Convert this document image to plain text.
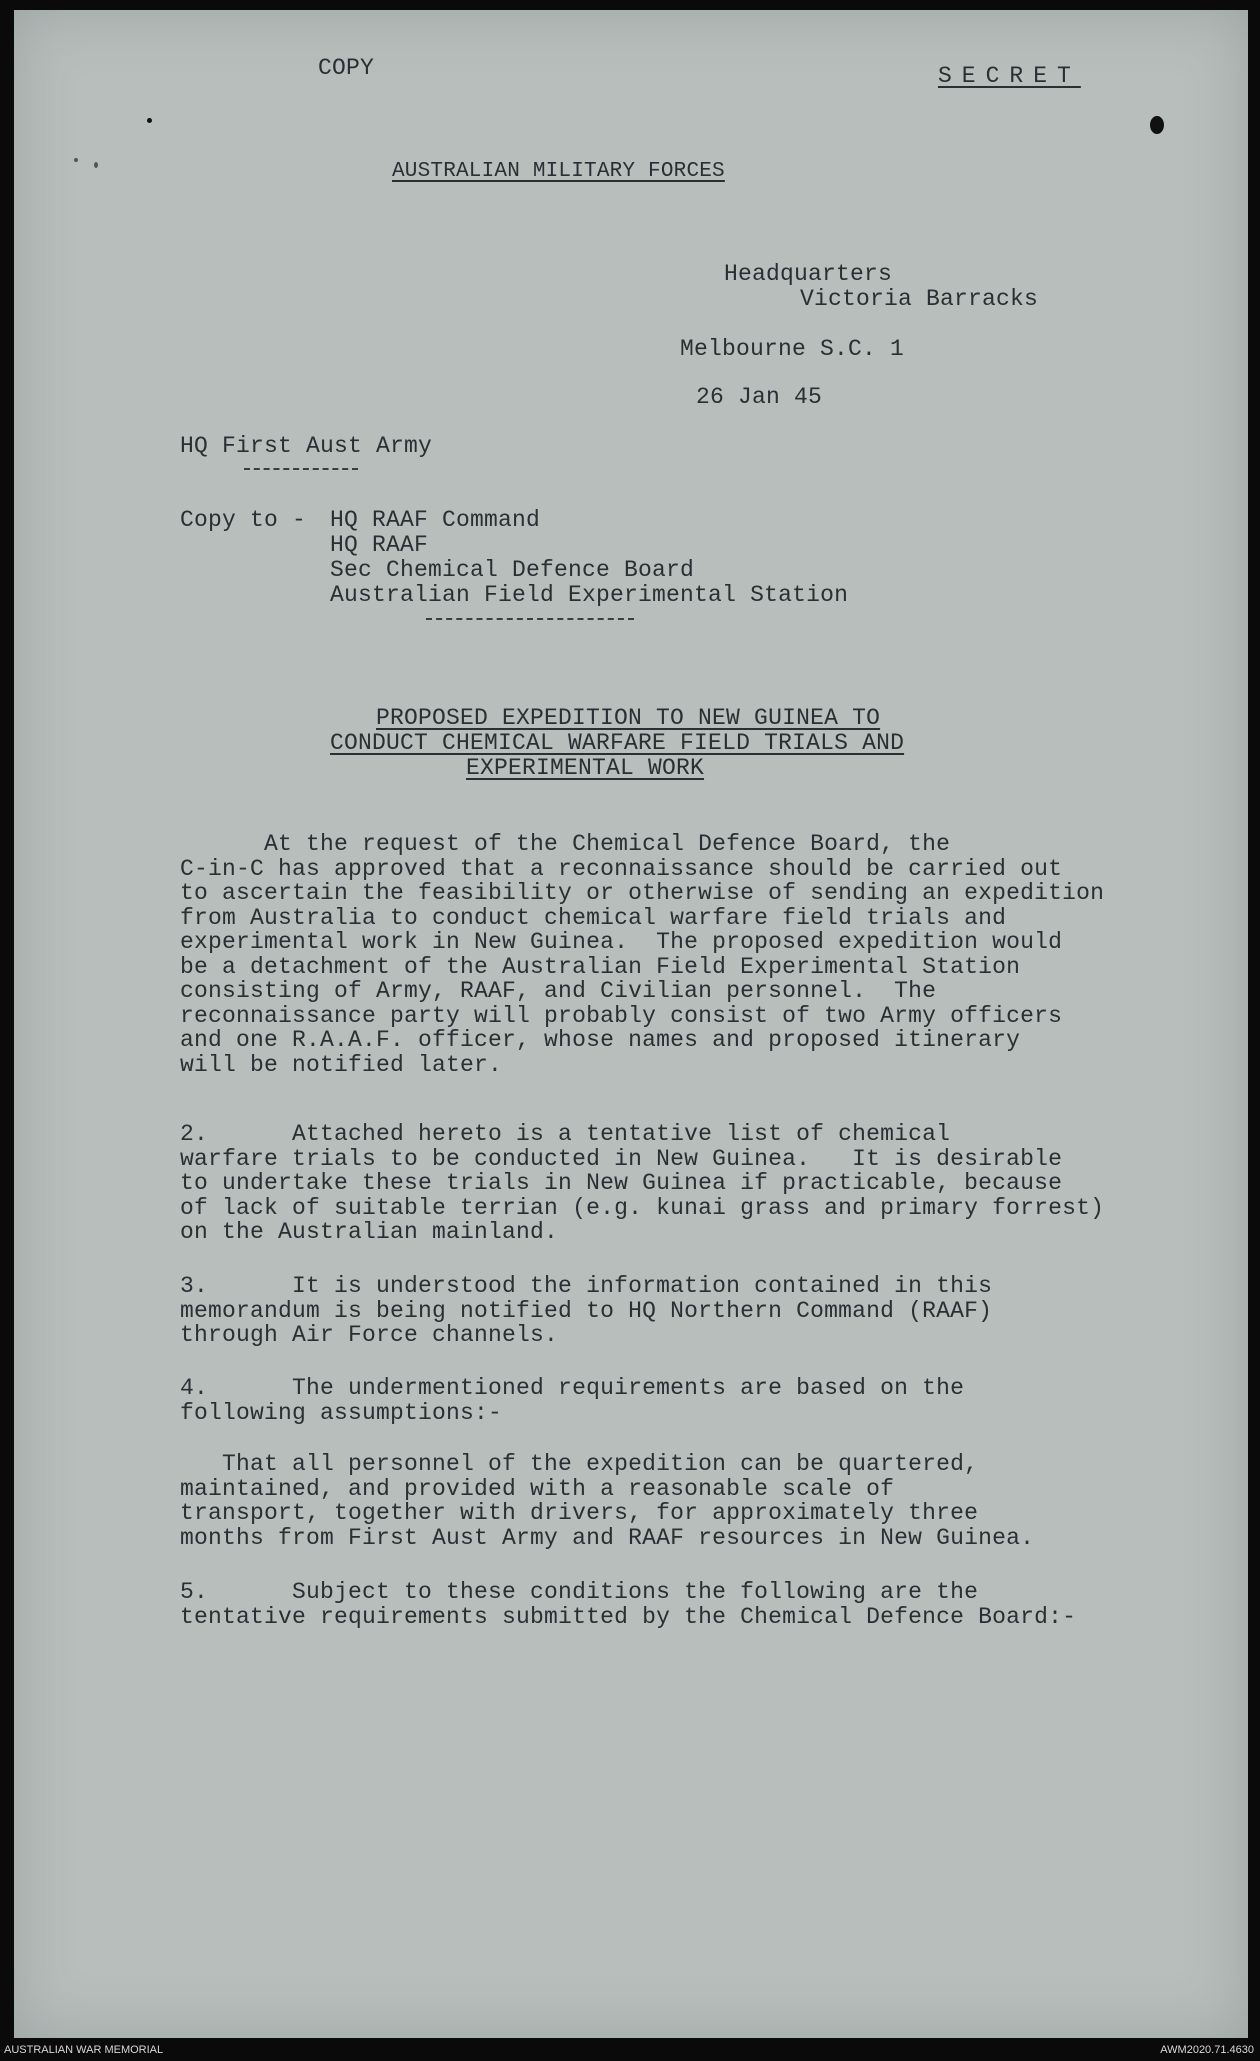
COPY	SECRET
AUSTRALIAN MILITARY FORCES
Headquarters
Victoria Barracks
Melbourne S.C. 1
26 Jan 45
HQ First Aust Army
Copy to - HQ RAAF Command
HQ RAAF
Sec Chemical Defence Board
Australian Field Experimental Station
PROPOSED EXPEDITION TO NEW GUINEA TO
CONDUCT CHEMICAL WARFARE FIELD TRIALS AND
EXPERIMENTAL WORK
At the request of the Chemical Defence Board, the
C-in-C has approved that a reconnaissance should be carried out
to ascertain the feasibility or otherwise of sending an expedition
from Australia to conduct chemical warfare field trials and
experimental work in New Guinea.  The proposed expedition would
be a detachment of the Australian Field Experimental Station
consisting of Army, RAAF, and Civilian personnel.  The
reconnaissance party will probably consist of two Army officers
and one R.A.A.F. officer, whose names and proposed itinerary
will be notified later.
2.      Attached hereto is a tentative list of chemical
warfare trials to be conducted in New Guinea.   It is desirable
to undertake these trials in New Guinea if practicable, because
of lack of suitable terrian (e.g. kunai grass and primary forrest)
on the Australian mainland.
3.      It is understood the information contained in this
memorandum is being notified to HQ Northern Command (RAAF)
through Air Force channels.
4.      The undermentioned requirements are based on the
following assumptions:-
That all personnel of the expedition can be quartered,
maintained, and provided with a reasonable scale of
transport, together with drivers, for approximately three
months from First Aust Army and RAAF resources in New Guinea.
5.      Subject to these conditions the following are the
tentative requirements submitted by the Chemical Defence Board:-
AUSTRALIAN WAR MEMORIAL	AWM2020.71.4630
